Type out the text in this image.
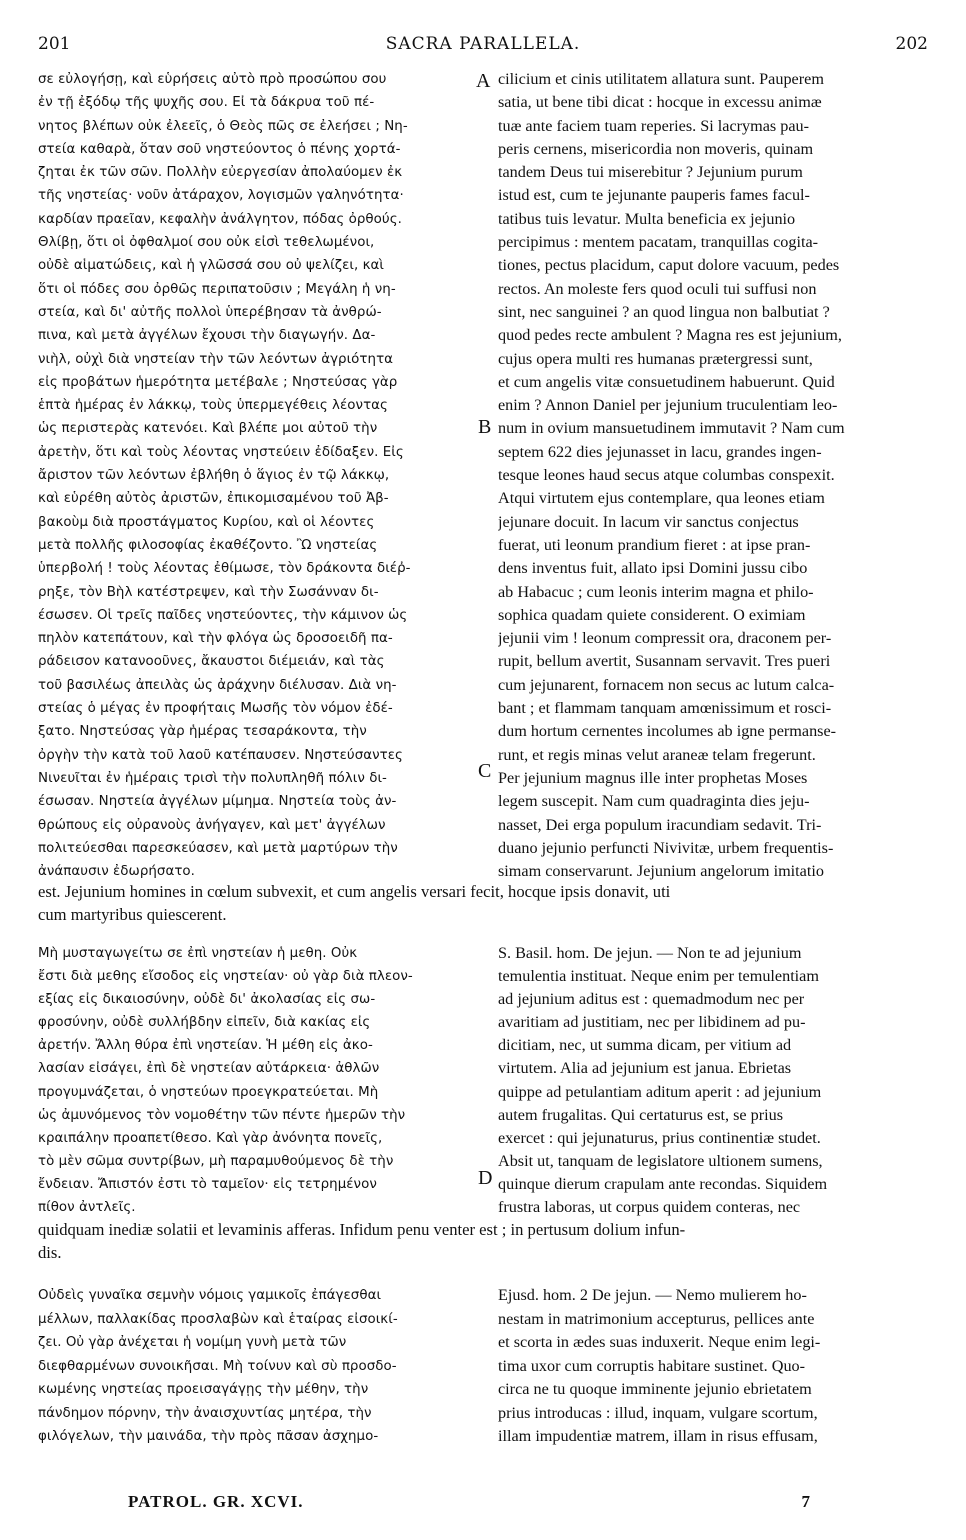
201	SACRA PARALLELA.	202
A
B
C
D
σε εὐλογήσῃ, καὶ εὑρήσεις αὐτὸ πρὸ προσώπου σου
ἐν τῇ ἐξόδῳ τῆς ψυχῆς σου. Εἰ τὰ δάκρυα τοῦ πέ-
νητος βλέπων οὐκ ἐλεεῖς, ὁ Θεὸς πῶς σε ἐλεήσει ; Νη-
στεία καθαρὰ, ὅταν σοῦ νηστεύοντος ὁ πένης χορτά-
ζηται ἐκ τῶν σῶν. Πολλὴν εὐεργεσίαν ἀπολαύομεν ἐκ
τῆς νηστείας· νοῦν ἀτάραχον, λογισμῶν γαληνότητα·
καρδίαν πραεῖαν, κεφαλὴν ἀνάλγητον, πόδας ὀρθούς.
Θλίβῃ, ὅτι οἱ ὀφθαλμοί σου οὐκ εἰσὶ τεθελωμένοι,
οὐδὲ αἱματώδεις, καὶ ἡ γλῶσσά σου οὐ ψελίζει, καὶ
ὅτι οἱ πόδες σου ὀρθῶς περιπατοῦσιν ; Μεγάλη ἡ νη-
στεία, καὶ δι' αὐτῆς πολλοὶ ὑπερέβησαν τὰ ἀνθρώ-
πινα, καὶ μετὰ ἀγγέλων ἔχουσι τὴν διαγωγήν. Δα-
νιὴλ, οὐχὶ διὰ νηστείαν τὴν τῶν λεόντων ἀγριότητα
εἰς προβάτων ἡμερότητα μετέβαλε ; Νηστεύσας γὰρ
ἑπτὰ ἡμέρας ἐν λάκκῳ, τοὺς ὑπερμεγέθεις λέοντας
ὡς περιστερὰς κατενόει. Καὶ βλέπε μοι αὐτοῦ τὴν
ἀρετὴν, ὅτι καὶ τοὺς λέοντας νηστεύειν ἐδίδαξεν. Εἰς
ἄριστον τῶν λεόντων ἐβλήθη ὁ ἅγιος ἐν τῷ λάκκῳ,
καὶ εὑρέθη αὐτὸς ἀριστῶν, ἐπικομισαμένου τοῦ Ἀβ-
βακοὺμ διὰ προστάγματος Κυρίου, καὶ οἱ λέοντες
μετὰ πολλῆς φιλοσοφίας ἐκαθέζοντο. Ὢ νηστείας
ὑπερβολή ! τοὺς λέοντας ἐθίμωσε, τὸν δράκοντα διέῤ-
ρηξε, τὸν Βὴλ κατέστρεψεν, καὶ τὴν Σωσάνναν δι-
έσωσεν. Οἱ τρεῖς παῖδες νηστεύοντες, τὴν κάμινον ὡς
πηλὸν κατεπάτουν, καὶ τὴν φλόγα ὡς δροσοειδῆ πα-
ράδεισον κατανοοῦνες, ἄκαυστοι διέμειάν, καὶ τὰς
τοῦ βασιλέως ἀπειλὰς ὡς ἀράχνην διέλυσαν. Διὰ νη-
στείας ὁ μέγας ἐν προφήταις Μωσῆς τὸν νόμον ἐδέ-
ξατο. Νηστεύσας γὰρ ἡμέρας τεσαράκοντα, τὴν
ὀργὴν τὴν κατὰ τοῦ λαοῦ κατέπαυσεν. Νηστεύσαντες
Νινευῖται ἐν ἡμέραις τρισὶ τὴν πολυπληθῆ πόλιν δι-
έσωσαν. Νηστεία ἀγγέλων μίμημα. Νηστεία τοὺς ἀν-
θρώπους εἰς οὐρανοὺς ἀνήγαγεν, καὶ μετ' ἀγγέλων
πολιτεύεσθαι παρεσκεύασεν, καὶ μετὰ μαρτύρων τὴν
ἀνάπαυσιν ἐδωρήσατο.
cilicium et cinis utilitatem allatura sunt. Pauperem
satia, ut bene tibi dicat : hocque in excessu animæ
tuæ ante faciem tuam reperies. Si lacrymas pau-
peris cernens, misericordia non moveris, quinam
tandem Deus tui miserebitur ? Jejunium purum
istud est, cum te jejunante pauperis fames facul-
tatibus tuis levatur. Multa beneficia ex jejunio
percipimus : mentem pacatam, tranquillas cogita-
tiones, pectus placidum, caput dolore vacuum, pedes
rectos. An moleste fers quod oculi tui suffusi non
sint, nec sanguinei ? an quod lingua non balbutiat ?
quod pedes recte ambulent ? Magna res est jejunium,
cujus opera multi res humanas prætergressi sunt,
et cum angelis vitæ consuetudinem habuerunt. Quid
enim ? Annon Daniel per jejunium truculentiam leo-
num in ovium mansuetudinem immutavit ? Nam cum
septem 622 dies jejunasset in lacu, grandes ingen-
tesque leones haud secus atque columbas conspexit.
Atqui virtutem ejus contemplare, qua leones etiam
jejunare docuit. In lacum vir sanctus conjectus
fuerat, uti leonum prandium fieret : at ipse pran-
dens inventus fuit, allato ipsi Domini jussu cibo
ab Habacuc ; cum leonis interim magna et philo-
sophica quadam quiete considerent. O eximiam
jejunii vim ! leonum compressit ora, draconem per-
rupit, bellum avertit, Susannam servavit. Tres pueri
cum jejunarent, fornacem non secus ac lutum calca-
bant ; et flammam tanquam amœnissimum et rosci-
dum hortum cernentes incolumes ab igne permanse-
runt, et regis minas velut araneæ telam fregerunt.
Per jejunium magnus ille inter prophetas Moses
legem suscepit. Nam cum quadraginta dies jeju-
nasset, Dei erga populum iracundiam sedavit. Tri-
duano jejunio perfuncti Nivivitæ, urbem frequentis-
simam conservarunt. Jejunium angelorum imitatio
est. Jejunium homines in cœlum subvexit, et cum angelis versari fecit, hocque ipsis donavit, uti
cum martyribus quiescerent.
Μὴ μυσταγωγείτω σε ἐπὶ νηστείαν ἡ μεθη. Οὐκ
ἔστι διὰ μεθης εἴσοδος εἰς νηστείαν· οὐ γὰρ διὰ πλεον-
εξίας εἰς δικαιοσύνην, οὐδὲ δι' ἀκολασίας εἰς σω-
φροσύνην, οὐδὲ συλλήβδην εἰπεῖν, διὰ κακίας εἰς
ἀρετήν. Ἄλλη θύρα ἐπὶ νηστείαν. Ἡ μέθη εἰς ἀκο-
λασίαν εἰσάγει, ἐπὶ δὲ νηστείαν αὐτάρκεια· ἀθλῶν
προγυμνάζεται, ὁ νηστεύων προεγκρατεύεται. Μὴ
ὡς ἀμυνόμενος τὸν νομοθέτην τῶν πέντε ἡμερῶν τὴν
κραιπάλην προαπετίθεσο. Καὶ γὰρ ἀνόνητα πονεῖς,
τὸ μὲν σῶμα συντρίβων, μὴ παραμυθούμενος δὲ τὴν
ἔνδειαν. Ἄπιστόν ἐστι τὸ ταμεῖον· εἰς τετρημένον
πίθον ἀντλεῖς.
S. Basil. hom. De jejun. — Non te ad jejunium
temulentia instituat. Neque enim per temulentiam
ad jejunium aditus est : quemadmodum nec per
avaritiam ad justitiam, nec per libidinem ad pu-
dicitiam, nec, ut summa dicam, per vitium ad
virtutem. Alia ad jejunium est janua. Ebrietas
quippe ad petulantiam aditum aperit : ad jejunium
autem frugalitas. Qui certaturus est, se prius
exercet : qui jejunaturus, prius continentiæ studet.
Absit ut, tanquam de legislatore ultionem sumens,
quinque dierum crapulam ante recondas. Siquidem
frustra laboras, ut corpus quidem conteras, nec
quidquam inediæ solatii et levaminis afferas. Infidum penu venter est ; in pertusum dolium infun-
dis.
Οὐδεὶς γυναῖκα σεμνὴν νόμοις γαμικοῖς ἐπάγεσθαι
μέλλων, παλλακίδας προσλαβὼν καὶ ἑταίρας εἰσοικί-
ζει. Οὐ γὰρ ἀνέχεται ἡ νομίμη γυνὴ μετὰ τῶν
διεφθαρμένων συνοικῆσαι. Μὴ τοίνυν καὶ σὺ προσδο-
κωμένης νηστείας προεισαγάγῃς τὴν μέθην, τὴν
πάνδημον πόρνην, τὴν ἀναισχυντίας μητέρα, τὴν
φιλόγελων, τὴν μαινάδα, τὴν πρὸς πᾶσαν ἀσχημο-
Ejusd. hom. 2 De jejun. — Nemo mulierem ho-
nestam in matrimonium accepturus, pellices ante
et scorta in ædes suas induxerit. Neque enim legi-
tima uxor cum corruptis habitare sustinet. Quo-
circa ne tu quoque imminente jejunio ebrietatem
prius introducas : illud, inquam, vulgare scortum,
illam impudentiæ matrem, illam in risus effusam,
PATROL. GR. XCVI.	7
